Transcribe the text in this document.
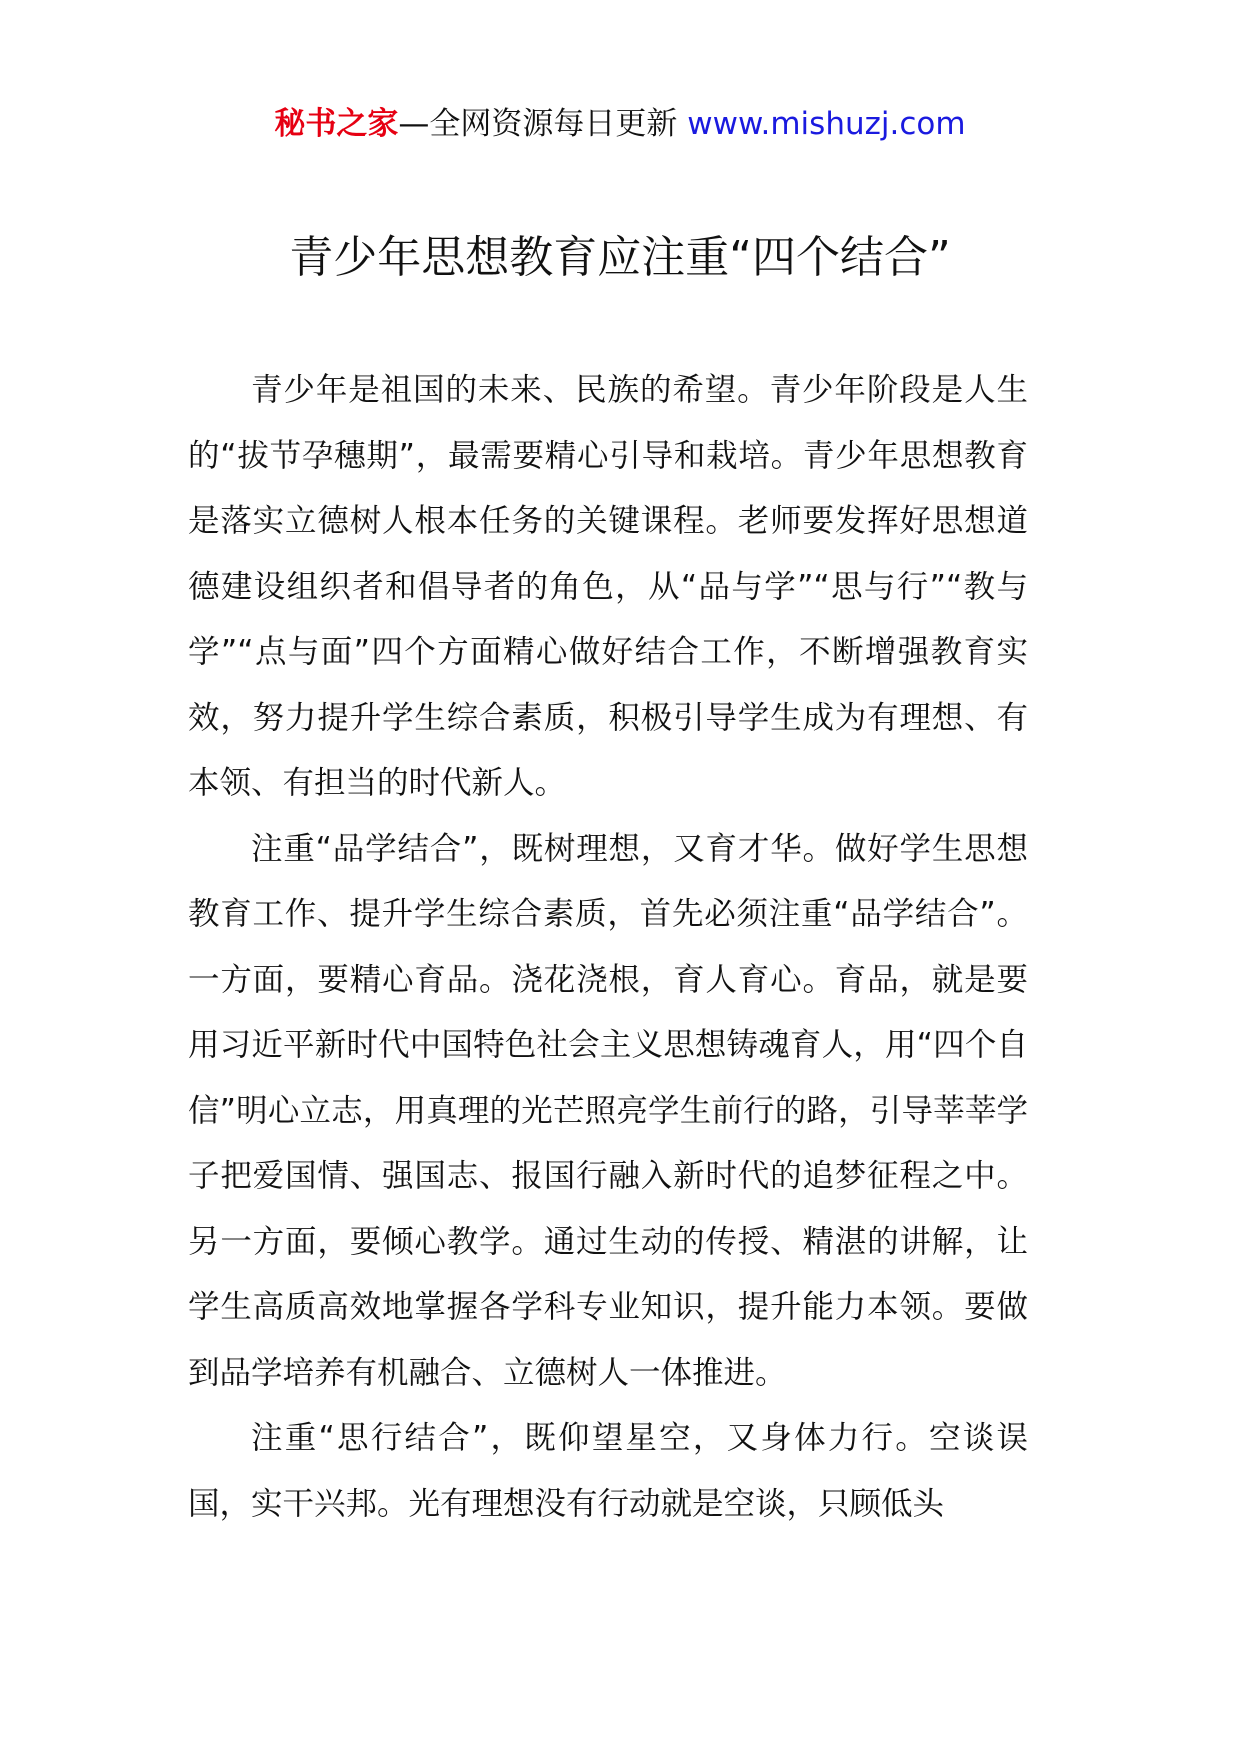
秘书之家—全网资源每日更新 www.mishuzj.com
青少年思想教育应注重“四个结合”

青少年是祖国的未来、民族的希望。青少年阶段是人生的“拔节孕穗期”，最需要精心引导和栽培。青少年思想教育是落实立德树人根本任务的关键课程。老师要发挥好思想道德建设组织者和倡导者的角色，从“品与学”“思与行”“教与学”“点与面”四个方面精心做好结合工作，不断增强教育实效，努力提升学生综合素质，积极引导学生成为有理想、有本领、有担当的时代新人。

注重“品学结合”，既树理想，又育才华。做好学生思想教育工作、提升学生综合素质，首先必须注重“品学结合”。一方面，要精心育品。浇花浇根，育人育心。育品，就是要用习近平新时代中国特色社会主义思想铸魂育人，用“四个自信”明心立志，用真理的光芒照亮学生前行的路，引导莘莘学子把爱国情、强国志、报国行融入新时代的追梦征程之中。另一方面，要倾心教学。通过生动的传授、精湛的讲解，让学生高质高效地掌握各学科专业知识，提升能力本领。要做到品学培养有机融合、立德树人一体推进。

注重“思行结合”，既仰望星空，又身体力行。空谈误国，实干兴邦。光有理想没有行动就是空谈，只顾低头
